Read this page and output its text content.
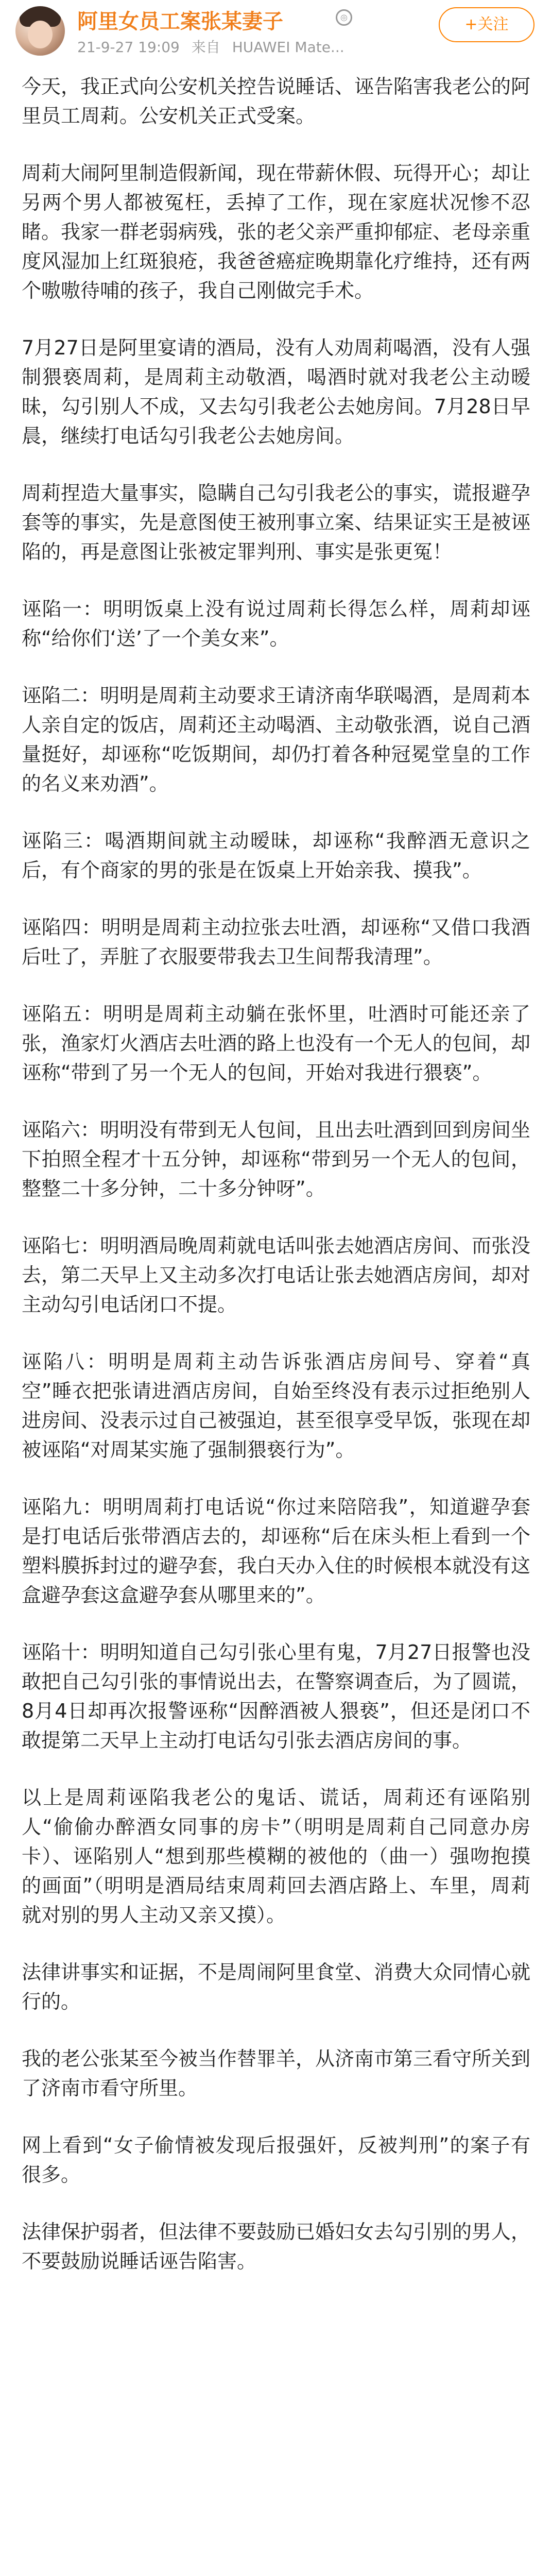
阿里女员工案张某妻子	◎
21-9-27 19:09 来自 HUAWEI Mate...
+关注

今天，我正式向公安机关控告说睡话、诬告陷害我老公的阿里员工周莉。公安机关正式受案。

周莉大闹阿里制造假新闻，现在带薪休假、玩得开心；却让另两个男人都被冤枉，丢掉了工作，现在家庭状况惨不忍睹。我家一群老弱病残，张的老父亲严重抑郁症、老母亲重度风湿加上红斑狼疮，我爸爸癌症晚期靠化疗维持，还有两个嗷嗷待哺的孩子，我自己刚做完手术。

7月27日是阿里宴请的酒局，没有人劝周莉喝酒，没有人强制猥亵周莉，是周莉主动敬酒，喝酒时就对我老公主动暧昧，勾引别人不成，又去勾引我老公去她房间。7月28日早晨，继续打电话勾引我老公去她房间。

周莉捏造大量事实，隐瞒自己勾引我老公的事实，谎报避孕套等的事实，先是意图使王被刑事立案、结果证实王是被诬陷的，再是意图让张被定罪判刑、事实是张更冤！

诬陷一：明明饭桌上没有说过周莉长得怎么样，周莉却诬称“给你们‘送’了一个美女来”。

诬陷二：明明是周莉主动要求王请济南华联喝酒，是周莉本人亲自定的饭店，周莉还主动喝酒、主动敬张酒，说自己酒量挺好，却诬称“吃饭期间，却仍打着各种冠冕堂皇的工作的名义来劝酒”。

诬陷三：喝酒期间就主动暧昧，却诬称“我醉酒无意识之后，有个商家的男的张是在饭桌上开始亲我、摸我”。

诬陷四：明明是周莉主动拉张去吐酒，却诬称“又借口我酒后吐了，弄脏了衣服要带我去卫生间帮我清理”。

诬陷五：明明是周莉主动躺在张怀里，吐酒时可能还亲了张，渔家灯火酒店去吐酒的路上也没有一个无人的包间，却诬称“带到了另一个无人的包间，开始对我进行猥亵”。

诬陷六：明明没有带到无人包间，且出去吐酒到回到房间坐下拍照全程才十五分钟，却诬称“带到另一个无人的包间，整整二十多分钟，二十多分钟呀”。

诬陷七：明明酒局晚周莉就电话叫张去她酒店房间、而张没去，第二天早上又主动多次打电话让张去她酒店房间，却对主动勾引电话闭口不提。

诬陷八：明明是周莉主动告诉张酒店房间号、穿着“真空”睡衣把张请进酒店房间，自始至终没有表示过拒绝别人进房间、没表示过自己被强迫，甚至很享受早饭，张现在却被诬陷“对周某实施了强制猥亵行为”。

诬陷九：明明周莉打电话说“你过来陪陪我”，知道避孕套是打电话后张带酒店去的，却诬称“后在床头柜上看到一个塑料膜拆封过的避孕套，我白天办入住的时候根本就没有这盒避孕套这盒避孕套从哪里来的”。

诬陷十：明明知道自己勾引张心里有鬼，7月27日报警也没敢把自己勾引张的事情说出去，在警察调查后，为了圆谎，8月4日却再次报警诬称“因醉酒被人猥亵”，但还是闭口不敢提第二天早上主动打电话勾引张去酒店房间的事。

以上是周莉诬陷我老公的鬼话、谎话，周莉还有诬陷别人“偷偷办醉酒女同事的房卡”（明明是周莉自己同意办房卡）、诬陷别人“想到那些模糊的被他的（曲一）强吻抱摸的画面”（明明是酒局结束周莉回去酒店路上、车里，周莉就对别的男人主动又亲又摸）。

法律讲事实和证据，不是周闹阿里食堂、消费大众同情心就行的。

我的老公张某至今被当作替罪羊，从济南市第三看守所关到了济南市看守所里。

网上看到“女子偷情被发现后报强奸，反被判刑”的案子有很多。

法律保护弱者，但法律不要鼓励已婚妇女去勾引别的男人，不要鼓励说睡话诬告陷害。
